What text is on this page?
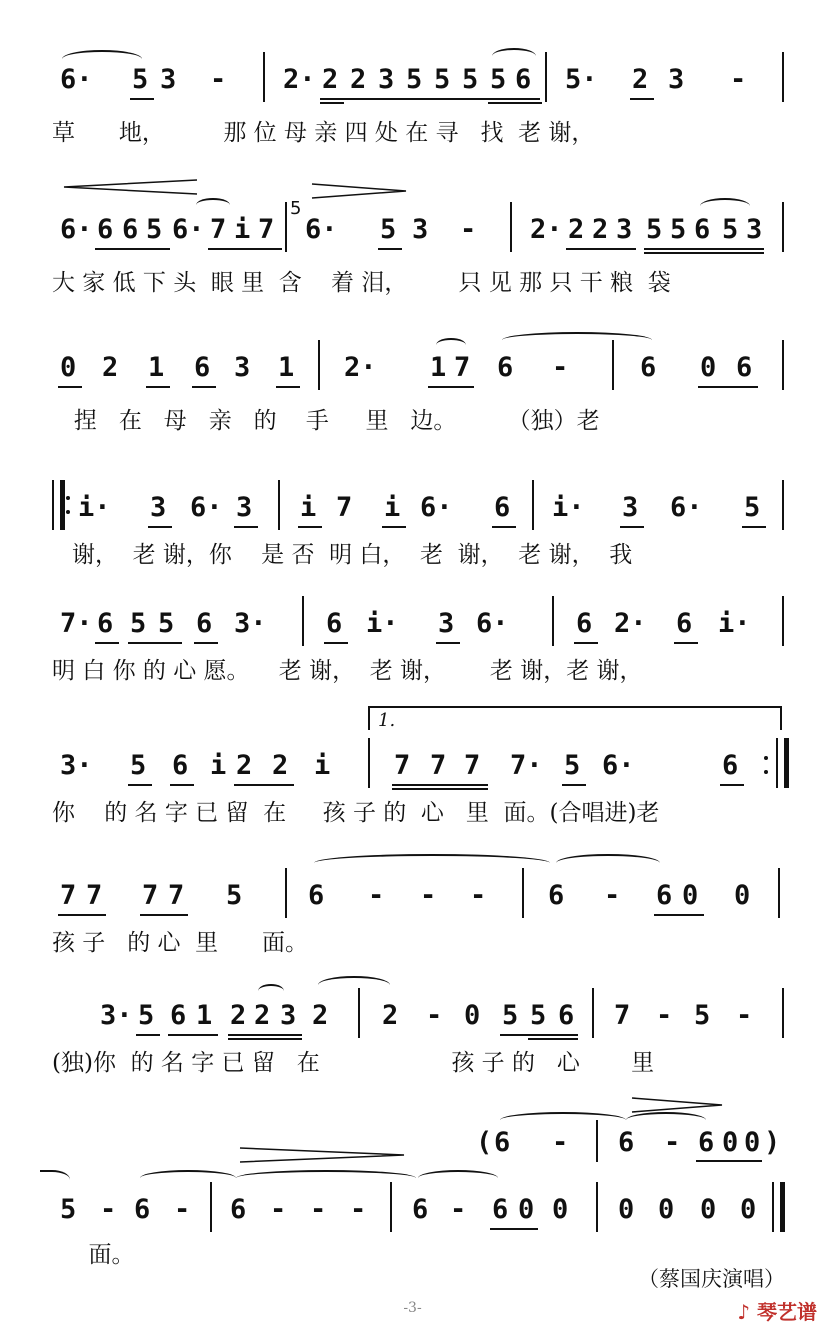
6· 5 3 - 2· 2 2 3 5 5 5 5 6 5· 2 3 -
草      地，        那 位 母 亲 四 处 在 寻   找  老 谢，
6· 6 6 5 6· 7 i 7
5
6· 5 3 - 2· 2 2 3 5 5 6 5 3
大 家 低 下 头  眼 里  含    着 泪，       只 见 那 只 干 粮  袋
0 2 1 6 3 1 2· 1 7 6 -	6 0 6
捏   在   母   亲   的    手     里   边。       （独）老
i· 3 6· 3 i 7 i 6· 6 i· 3 6· 5
谢，  老 谢，你    是 否  明 白，  老  谢，  老 谢，  我
7· 6 5 5 6 3· 6 i· 3 6· 6 2· 6 i·
明 白 你 的 心 愿。    老 谢，  老 谢，      老 谢，老 谢，
1.
3· 5 6 i 2 2 i 7 7 7 7· 5 6·	6
你    的 名 字 已 留  在     孩 子 的  心   里  面。(合唱进)老
7 7 7 7 5 6 - - - 6 - 6 0 0
孩 子   的 心  里      面。
3· 5 6 1 2 2 3 2 2 - 0 5 5 6 7 - 5 -
(独)你  的 名 字 已 留   在                  孩 子 的   心       里
( 6 - 6 - 6 0 0 )
5 - 6 - 6 - - - 6 - 6 0 0 0 0 0 0
面。
（蔡国庆演唱）
-3-	♪ 琴艺谱
